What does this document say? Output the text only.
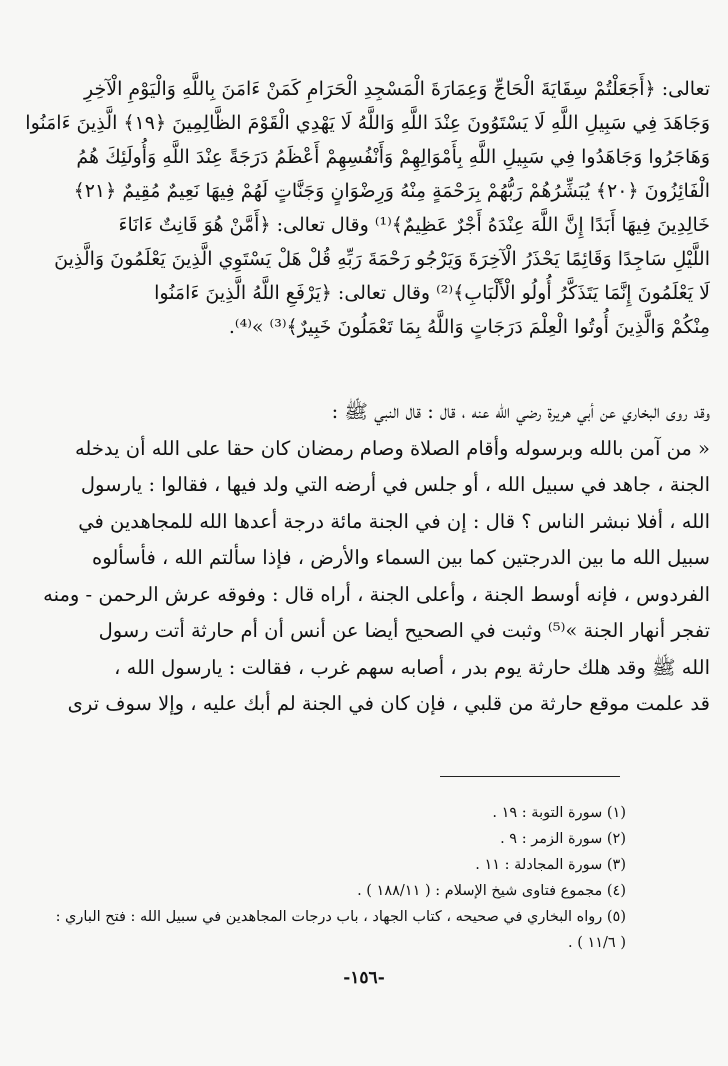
تعالى: ﴿أَجَعَلْتُمْ سِقَايَةَ الْحَاجِّ وَعِمَارَةَ الْمَسْجِدِ الْحَرَامِ كَمَنْ ءَامَنَ بِاللَّهِ وَالْيَوْمِ الْآخِرِ
وَجَاهَدَ فِي سَبِيلِ اللَّهِ لَا يَسْتَوُونَ عِنْدَ اللَّهِ وَاللَّهُ لَا يَهْدِي الْقَوْمَ الظَّالِمِينَ ﴿١٩﴾ الَّذِينَ ءَامَنُوا
وَهَاجَرُوا وَجَاهَدُوا فِي سَبِيلِ اللَّهِ بِأَمْوَالِهِمْ وَأَنْفُسِهِمْ أَعْظَمُ دَرَجَةً عِنْدَ اللَّهِ وَأُولَئِكَ هُمُ
الْفَائِزُونَ ﴿٢٠﴾ يُبَشِّرُهُمْ رَبُّهُمْ بِرَحْمَةٍ مِنْهُ وَرِضْوَانٍ وَجَنَّاتٍ لَهُمْ فِيهَا نَعِيمٌ مُقِيمٌ ﴿٢١﴾
خَالِدِينَ فِيهَا أَبَدًا إِنَّ اللَّهَ عِنْدَهُ أَجْرٌ عَظِيمٌ﴾⁽¹⁾ وقال تعالى: ﴿أَمَّنْ هُوَ قَانِتٌ ءَانَاءَ
اللَّيْلِ سَاجِدًا وَقَائِمًا يَحْذَرُ الْآخِرَةَ وَيَرْجُو رَحْمَةَ رَبِّهِ قُلْ هَلْ يَسْتَوِي الَّذِينَ يَعْلَمُونَ وَالَّذِينَ
لَا يَعْلَمُونَ إِنَّمَا يَتَذَكَّرُ أُولُو الْأَلْبَابِ﴾⁽²⁾ وقال تعالى: ﴿يَرْفَعِ اللَّهُ الَّذِينَ ءَامَنُوا
مِنْكُمْ وَالَّذِينَ أُوتُوا الْعِلْمَ دَرَجَاتٍ وَاللَّهُ بِمَا تَعْمَلُونَ خَبِيرٌ﴾⁽³⁾ »⁽⁴⁾.
وقد روى البخاري عن أبي هريرة رضي الله عنه ، قال : قال النبي ﷺ :
« من آمن بالله وبرسوله وأقام الصلاة وصام رمضان كان حقا على الله أن يدخله
الجنة ، جاهد في سبيل الله ، أو جلس في أرضه التي ولد فيها ، فقالوا : يارسول
الله ، أفلا نبشر الناس ؟ قال : إن في الجنة مائة درجة أعدها الله للمجاهدين في
سبيل الله ما بين الدرجتين كما بين السماء والأرض ، فإذا سألتم الله ، فأسألوه
الفردوس ، فإنه أوسط الجنة ، وأعلى الجنة ، أراه قال : وفوقه عرش الرحمن - ومنه
تفجر أنهار الجنة »⁽⁵⁾ وثبت في الصحيح أيضا عن أنس أن أم حارثة أتت رسول
الله ﷺ وقد هلك حارثة يوم بدر ، أصابه سهم غرب ، فقالت : يارسول الله ،
قد علمت موقع حارثة من قلبي ، فإن كان في الجنة لم أبك عليه ، وإلا سوف ترى
(١) سورة التوبة : ١٩ .
(٢) سورة الزمر : ٩ .
(٣) سورة المجادلة : ١١ .
(٤) مجموع فتاوى شيخ الإسلام : ( ١٨٨/١١ ) .
(٥) رواه البخاري في صحيحه ، كتاب الجهاد ، باب درجات المجاهدين في سبيل الله : فتح الباري :
( ١١/٦ ) .
-١٥٦-
